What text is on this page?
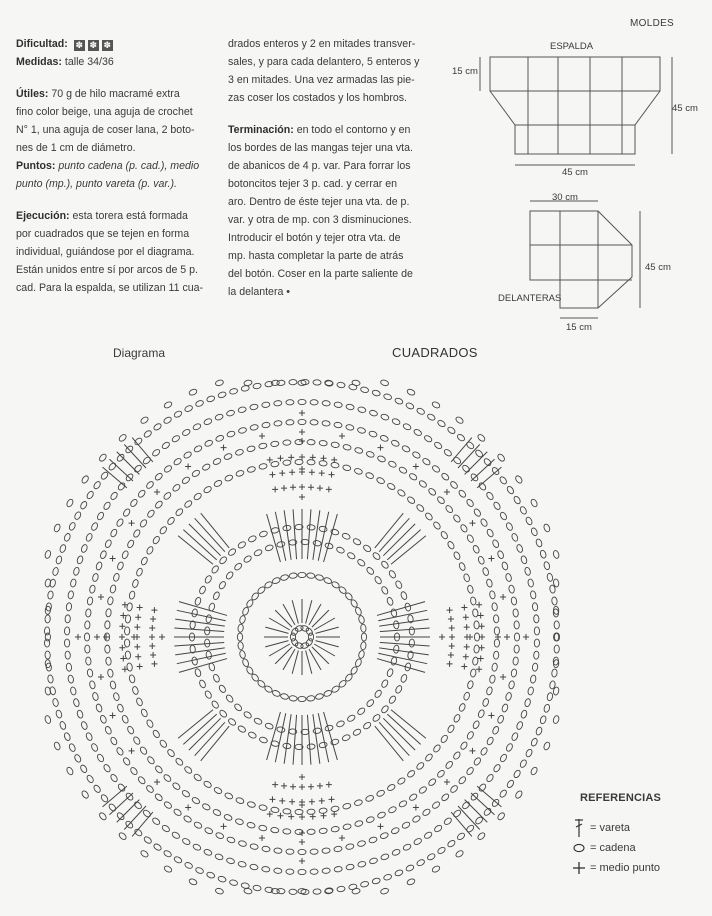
Dificultad: ✽ ✽ ✽

Medidas: talle 34/36

Útiles: 70 g de hilo macramé extra

fino color beige, una aguja de crochet

N° 1, una aguja de coser lana, 2 boto-

nes de 1 cm de diámetro.

Puntos: punto cadena (p. cad.), medio

punto (mp.), punto vareta (p. var.).

Ejecución: esta torera está formada

por cuadrados que se tejen en forma

individual, guiándose por el diagrama.

Están unidos entre sí por arcos de 5 p.

cad. Para la espalda, se utilizan 11 cua-

drados enteros y 2 en mitades transver-

sales, y para cada delantero, 5 enteros y

3 en mitades. Una vez armadas las pie-

zas coser los costados y los hombros.

Terminación: en todo el contorno y en

los bordes de las mangas tejer una vta.

de abanicos de 4 p. var. Para forrar los

botoncitos tejer 3 p. cad. y cerrar en

aro. Dentro de éste tejer una vta. de p.

var. y otra de mp. con 3 disminuciones.

Introducir el botón y tejer otra vta. de

mp. hasta completar la parte de atrás

del botón. Coser en la parte saliente de

la delantera •

MOLDES
ESPALDA
15 cm
45 cm
45 cm
30 cm
45 cm
DELANTERAS
15 cm
Diagrama	CUADRADOS
REFERENCIAS
= vareta
= cadena
= medio punto
